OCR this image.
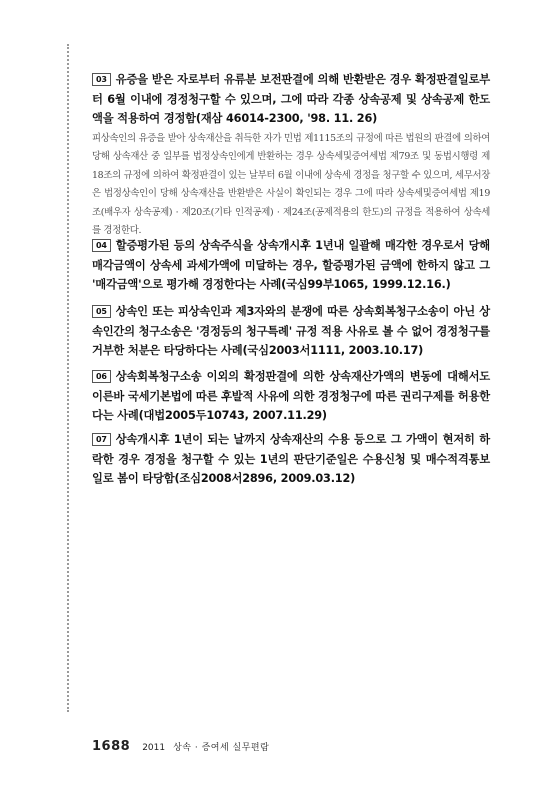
03 유증을 받은 자로부터 유류분 보전판결에 의해 반환받은 경우 확정판결일로부터 6월 이내에 경정청구할 수 있으며, 그에 따라 각종 상속공제 및 상속공제 한도액을 적용하여 경정함(재삼 46014-2300, '98. 11. 26)
피상속인의 유증을 받아 상속재산을 취득한 자가 민법 제1115조의 규정에 따른 법원의 판결에 의하여 당해 상속재산 중 일부를 법정상속인에게 반환하는 경우 상속세및증여세법 제79조 및 동법시행령 제18조의 규정에 의하여 확정판결이 있는 날부터 6월 이내에 상속세 경정을 청구할 수 있으며, 세무서장은 법정상속인이 당해 상속재산을 반환받은 사실이 확인되는 경우 그에 따라 상속세및증여세법 제19조(배우자 상속공제) · 제20조(기타 인적공제) · 제24조(공제적용의 한도)의 규정을 적용하여 상속세를 경정한다.
04 할증평가된 등의 상속주식을 상속개시후 1년내 일괄해 매각한 경우로서 당해 매각금액이 상속세 과세가액에 미달하는 경우, 할증평가된 금액에 한하지 않고 그 '매각금액'으로 평가해 경정한다는 사례(국심99부1065, 1999.12.16.)
05 상속인 또는 피상속인과 제3자와의 분쟁에 따른 상속회복청구소송이 아닌 상속인간의 청구소송은 '경정등의 청구특례' 규정 적용 사유로 볼 수 없어 경정청구를 거부한 처분은 타당하다는 사례(국심2003서1111, 2003.10.17)
06 상속회복청구소송 이외의 확정판결에 의한 상속재산가액의 변동에 대해서도 이른바 국세기본법에 따른 후발적 사유에 의한 경정청구에 따른 권리구제를 허용한다는 사례(대법2005두10743, 2007.11.29)
07 상속개시후 1년이 되는 날까지 상속재산의 수용 등으로 그 가액이 현저히 하락한 경우 경정을 청구할 수 있는 1년의 판단기준일은 수용신청 및 매수적격통보일로 봄이 타당함(조심2008서2896, 2009.03.12)
1688 2011 상속 · 증여세 실무편람
